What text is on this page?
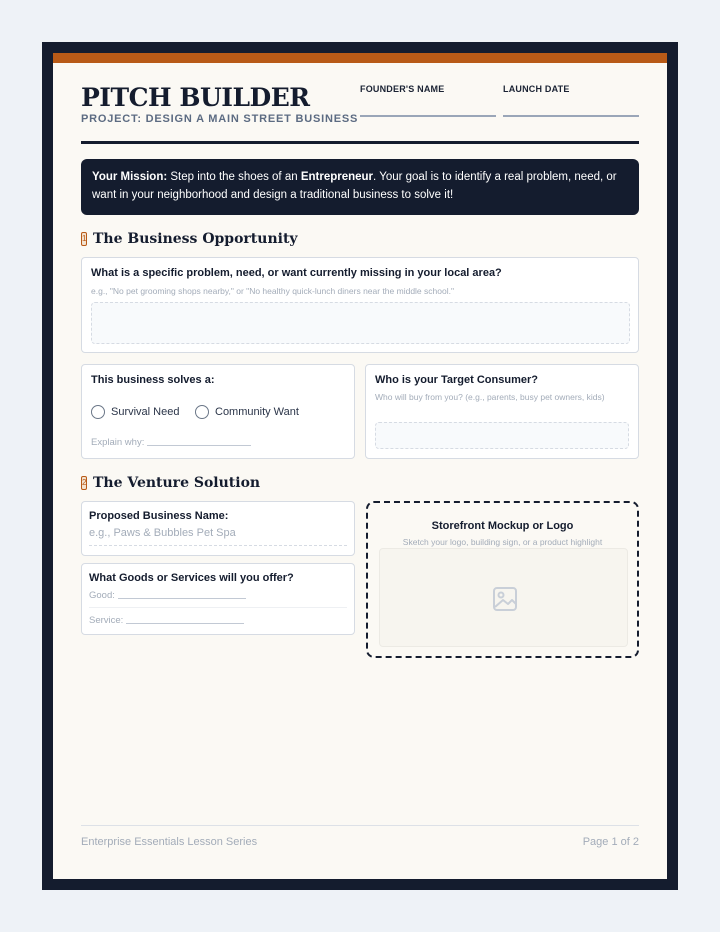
PITCH BUILDER
PROJECT: DESIGN A MAIN STREET BUSINESS
FOUNDER'S NAME	LAUNCH DATE
Your Mission: Step into the shoes of an Entrepreneur. Your goal is to identify a real problem, need, or want in your neighborhood and design a traditional business to solve it!
1 The Business Opportunity
What is a specific problem, need, or want currently missing in your local area?
e.g., "No pet grooming shops nearby," or "No healthy quick-lunch diners near the middle school."
This business solves a:
Survival Need	Community Want
Explain why:
Who is your Target Consumer?
Who will buy from you? (e.g., parents, busy pet owners, kids)
2 The Venture Solution
Proposed Business Name:
e.g., Paws & Bubbles Pet Spa
What Goods or Services will you offer?
Good:
Service:
Storefront Mockup or Logo
Sketch your logo, building sign, or a product highlight
Enterprise Essentials Lesson Series	Page 1 of 2
